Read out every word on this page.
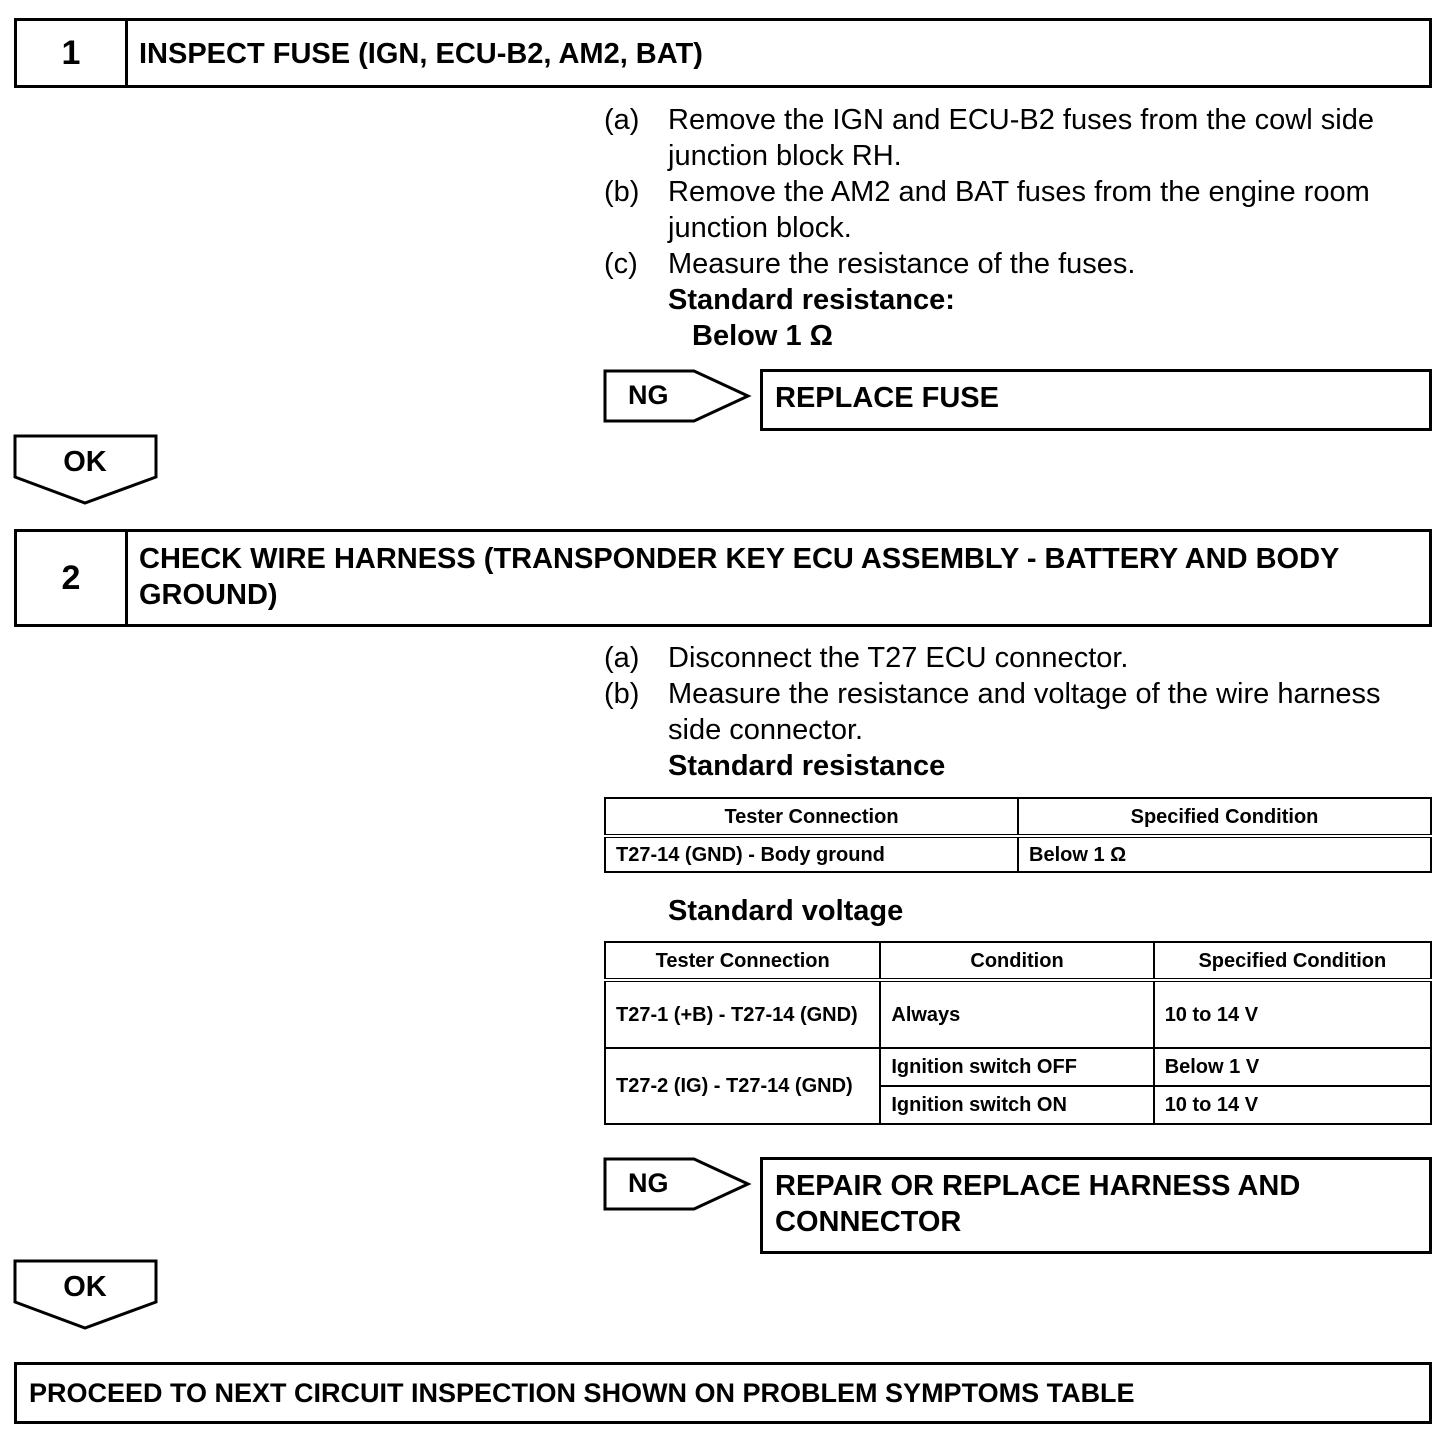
1	INSPECT FUSE (IGN, ECU-B2, AM2, BAT)
(a) Remove the IGN and ECU-B2 fuses from the cowl side junction block RH.
(b) Remove the AM2 and BAT fuses from the engine room junction block.
(c) Measure the resistance of the fuses.
Standard resistance:
Below 1 Ω
NG	REPLACE FUSE
OK
2	CHECK WIRE HARNESS (TRANSPONDER KEY ECU ASSEMBLY - BATTERY AND BODY GROUND)
(a) Disconnect the T27 ECU connector.
(b) Measure the resistance and voltage of the wire harness side connector.
Standard resistance
Tester Connection	Specified Condition
T27-14 (GND) - Body ground	Below 1 Ω
Standard voltage
Tester Connection	Condition	Specified Condition
T27-1 (+B) - T27-14 (GND)	Always	10 to 14 V
T27-2 (IG) - T27-14 (GND)	Ignition switch OFF	Below 1 V
	Ignition switch ON	10 to 14 V
NG	REPAIR OR REPLACE HARNESS AND CONNECTOR
OK
PROCEED TO NEXT CIRCUIT INSPECTION SHOWN ON PROBLEM SYMPTOMS TABLE
